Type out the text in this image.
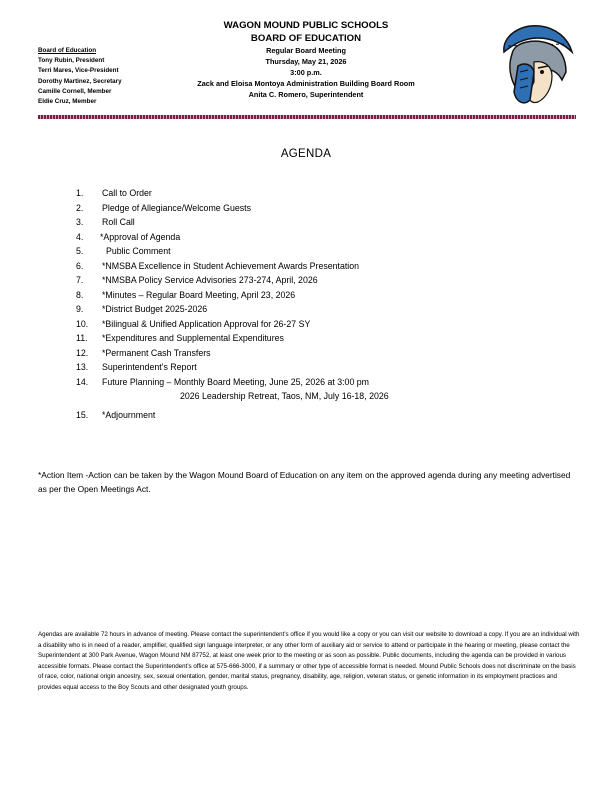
Board of Education
Tony Rubin, President
Terri Mares, Vice-President
Dorothy Martinez, Secretary
Camille Cornell, Member
Eldie Cruz, Member
WAGON MOUND PUBLIC SCHOOLS
BOARD OF EDUCATION
Regular Board Meeting
Thursday, May 21, 2026
3:00 p.m.
Zack and Eloisa Montoya Administration Building Board Room
Anita C. Romero, Superintendent
AGENDA
1. Call to Order
2. Pledge of Allegiance/Welcome Guests
3. Roll Call
4. *Approval of Agenda
5.	Public Comment
6. *NMSBA Excellence in Student Achievement Awards Presentation
7. *NMSBA Policy Service Advisories 273-274, April, 2026
8. *Minutes – Regular Board Meeting, April 23, 2026
9. *District Budget 2025-2026
10. *Bilingual & Unified Application Approval for 26-27 SY
11. *Expenditures and Supplemental Expenditures
12. *Permanent Cash Transfers
13. Superintendent’s Report
14. Future Planning – Monthly Board Meeting, June 25, 2026 at 3:00 pm
2026 Leadership Retreat, Taos, NM, July 16-18, 2026
15. *Adjournment
*Action Item -Action can be taken by the Wagon Mound Board of Education on any item on the approved agenda during any meeting advertised as per the Open Meetings Act.
Agendas are available 72 hours in advance of meeting. Please contact the superintendent’s office if you would like a copy or you can visit our website to download a copy. If you are an individual with a disability who is in need of a reader, amplifier, qualified sign language interpreter, or any other form of auxiliary aid or service to attend or participate in the hearing or meeting, please contact the Superintendent at 300 Park Avenue, Wagon Mound NM 87752, at least one week prior to the meeting or as soon as possible. Public documents, including the agenda can be provided in various accessible formats. Please contact the Superintendent’s office at 575-666-3000, if a summary or other type of accessible format is needed. Mound Public Schools does not discriminate on the basis of race, color, national origin ancestry, sex, sexual orientation, gender, marital status, pregnancy, disability, age, religion, veteran status, or genetic information in its employment practices and provides equal access to the Boy Scouts and other designated youth groups.
